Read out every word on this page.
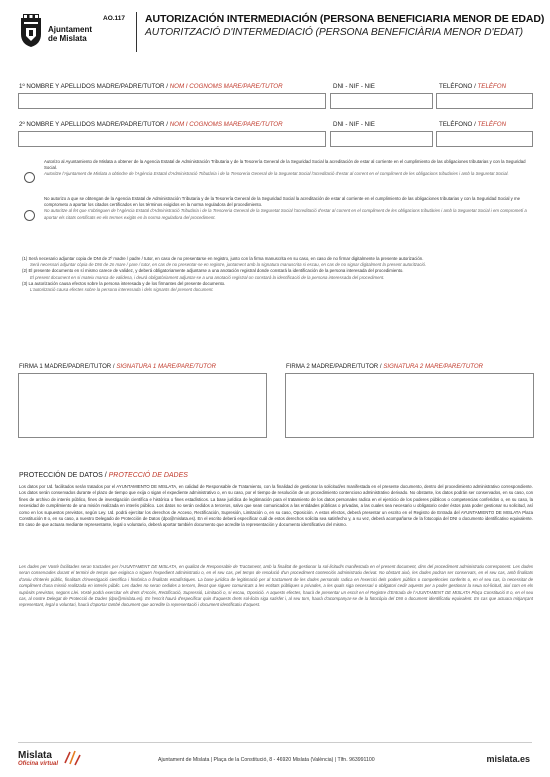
Ajuntament
de Mislata
AO.117 AUTORIZACIÓN INTERMEDIACIÓN (PERSONA BENEFICIARIA MENOR DE EDAD)
AUTORITZACIÓ D'INTERMEDIACIÓ (PERSONA BENEFICIÀRIA MENOR D'EDAT)
1º NOMBRE Y APELLIDOS MADRE/PADRE/TUTOR / NOM I COGNOMS MARE/PARE/TUTOR	DNI - NIF - NIE	TELÉFONO / TELÈFON
2º NOMBRE Y APELLIDOS MADRE/PADRE/TUTOR / NOM I COGNOMS MARE/PARE/TUTOR	DNI - NIF - NIE	TELÉFONO / TELÈFON
Autorizo al Ayuntamiento de Mislata a obtener de la Agencia Estatal de Administración Tributaria y de la Tesorería General de la Seguridad Social la acreditación de estar al corriente en el cumplimiento de las obligaciones tributarias y con la Seguridad Social.
Autoritze l'Ajuntament de Mislata a obtindre de l'Agència Estatal d'Administració Tributària i de la Tresoreria General de la Seguretat Social l'acreditació d'estar al corrent en el compliment de les obligacions tributàries i amb la Seguretat Social.
No autorizo a que se obtengan de la Agencia Estatal de Administración Tributaria y de la Tesorería General de la Seguridad Social la acreditación de estar al corriente en el cumplimiento de las obligaciones tributarias y con la Seguridad Social y me comprometo a aportar los citados certificados en los términos exigidos en la norma reguladora del procedimiento.
No autoritze al fet que s'obtinguen de l'Agència Estatal d'Administració Tributària i de la Tresoreria General de la Seguretat Social l'acreditació d'estar al corrent en el compliment de les obligacions tributàries i amb la Seguretat Social i em comprometí a aportar els citats certificats en els termes exigits en la norma reguladora del procediment.
(1) Será necesario adjuntar copia de DNI de 2º madre / padre / tutor, en caso de no presentarse en registro, junto con la firma manuscrita en su caso, en caso de no firmar digitalmente la presente autorización.
Serà necessari adjuntar còpia de DNI de 2n mare / pare / tutor, en cas de no presentar-se en registre, juntament amb la signatura manuscrita si escau, en cas de no signar digitalment la present autorització.
(2) El presente documento en sí mismo carece de validez, y deberá obligatoriamente adjuntarse a una anotación registral donde constará la identificación de la persona interesada del procedimiento.
El present document en si mateix manca de validesa, i deurà obligatòriament adjuntar-se a una anotació registral on constarà la identificació de la persona interessada del procediment.
(3) La autorización causa efectos sobre la persona interesada y de los firmantes del presente documento.
L'autorització causa efectes sobre la persona interessada i dels signants del present document.
FIRMA 1 MADRE/PADRE/TUTOR / SIGNATURA 1 MARE/PARE/TUTOR	FIRMA 2 MADRE/PADRE/TUTOR / SIGNATURA 2 MARE/PARE/TUTOR
PROTECCIÓN DE DATOS / PROTECCIÓ DE DADES
Los datos por Ud. facilitados serán tratados por el AYUNTAMIENTO DE MISLATA, en calidad de Responsable de Tratamiento, con la finalidad de gestionar la solicitud/es manifestada en el presente documento, dentro del procedimiento administrativo correspondiente. Los datos serán conservados durante el plazo de tiempo que exija o sigan el expediente administrativo o, en su caso, por el tiempo de resolución de un procedimiento contencioso administrativo derivado. No obstante, los datos podrán ser conservados, en su caso, con fines de archivo de interés público, fines de investigación científica e histórica o fines estadísticos. La base jurídica de legitimación para el tratamiento de los datos personales radica en el ejercicio de los poderes públicos o competencias conferidos o, en su caso, la necesidad de cumplimiento de una misión realizada en interés público. Los datos no serán cedidos a terceros, salvo que sean comunicados a las entidades públicas o privadas, a las cuales sea necesario u obligatorio ceder éstos para poder gestionar su solicitud, así como en los supuestos previstos, según Ley. Ud. podrá ejercitar los derechos de Acceso, Rectificación, Supresión, Limitación o, en su caso, Oposición. A estos efectos, deberá presentar un escrito en el Registro de Entrada del AYUNTAMIENTO DE MISLATA Plaza Constitución 8 o, en su caso, a nuestro Delegado de Protección de Datos (dpo@mislata.es). En el escrito deberá especificar cuál de estos derechos solicita sea satisfecho y, a su vez, deberá acompañarse de la fotocopia del DNI o documento identificativo equivalente. En caso de que actuara mediante representante, legal o voluntario, deberá aportar también documento que acredite la representación y documento identificativo del mismo.
Les dades per Vostè facilitades seran tractades per l'AJUNTAMENT DE MISLATA, en qualitat de Responsable de Tractament, amb la finalitat de gestionar la sol·licitud/s manifestada en el present document, dins del procediment administratiu corresponent. Les dades seran conservades durant el termini de temps que exigisca o siguen l'expedient administratiu o, en el seu cas, pel temps de resolució d'un procediment contenciós administratiu derivat. No obstant això, les dades podran ser conservats, en el seu cas, amb finalitats d'arxiu d'interés públic, finalitats d'investigació científica i històrica o finalitats estadístiques. La base jurídica de legitimació per al tractament de les dades personals radica en l'exercici dels poders públics o competències conferits o, en el seu cas, la necessitat de compliment d'una missió realitzada en interés públic. Les dades no seran cedides a tercers, llevat que siguen comunicats a les entitats públiques o privades, a les quals siga necessari o obligatori cedir aquests per a poder gestionar la seua sol·licitud, així com en els supòsits previstos, segons Llei. Vosté podrà exercitar els drets d'Accés, Rectificació, Supressió, Limitació o, si escau, Oposició. A aquests efectes, haurà de presentar un escrit en el Registre d'Entrada de l'AJUNTAMENT DE MISLATA Plaça Constitució 8 o, en el seu cas, al nostre Delegat de Protecció de Dades (dpo@mislata.es). En l'escrit haurà d'especificar quin d'aquests drets sol·licita siga satisfet i, al seu torn, haurà d'acompanyar-se de la fotocòpia del DNI o document identificatiu equivalent. En cas que actuara mitjançant representant, legal o voluntari, haurà d'aportar també document que acredite la representació i document identificatiu d'aquest.
Mislata
Oficina virtual
Ajuntament de Mislata | Plaça de la Constitució, 8 - 46920 Mislata (València) | Tlfn. 963991100	mislata.es
